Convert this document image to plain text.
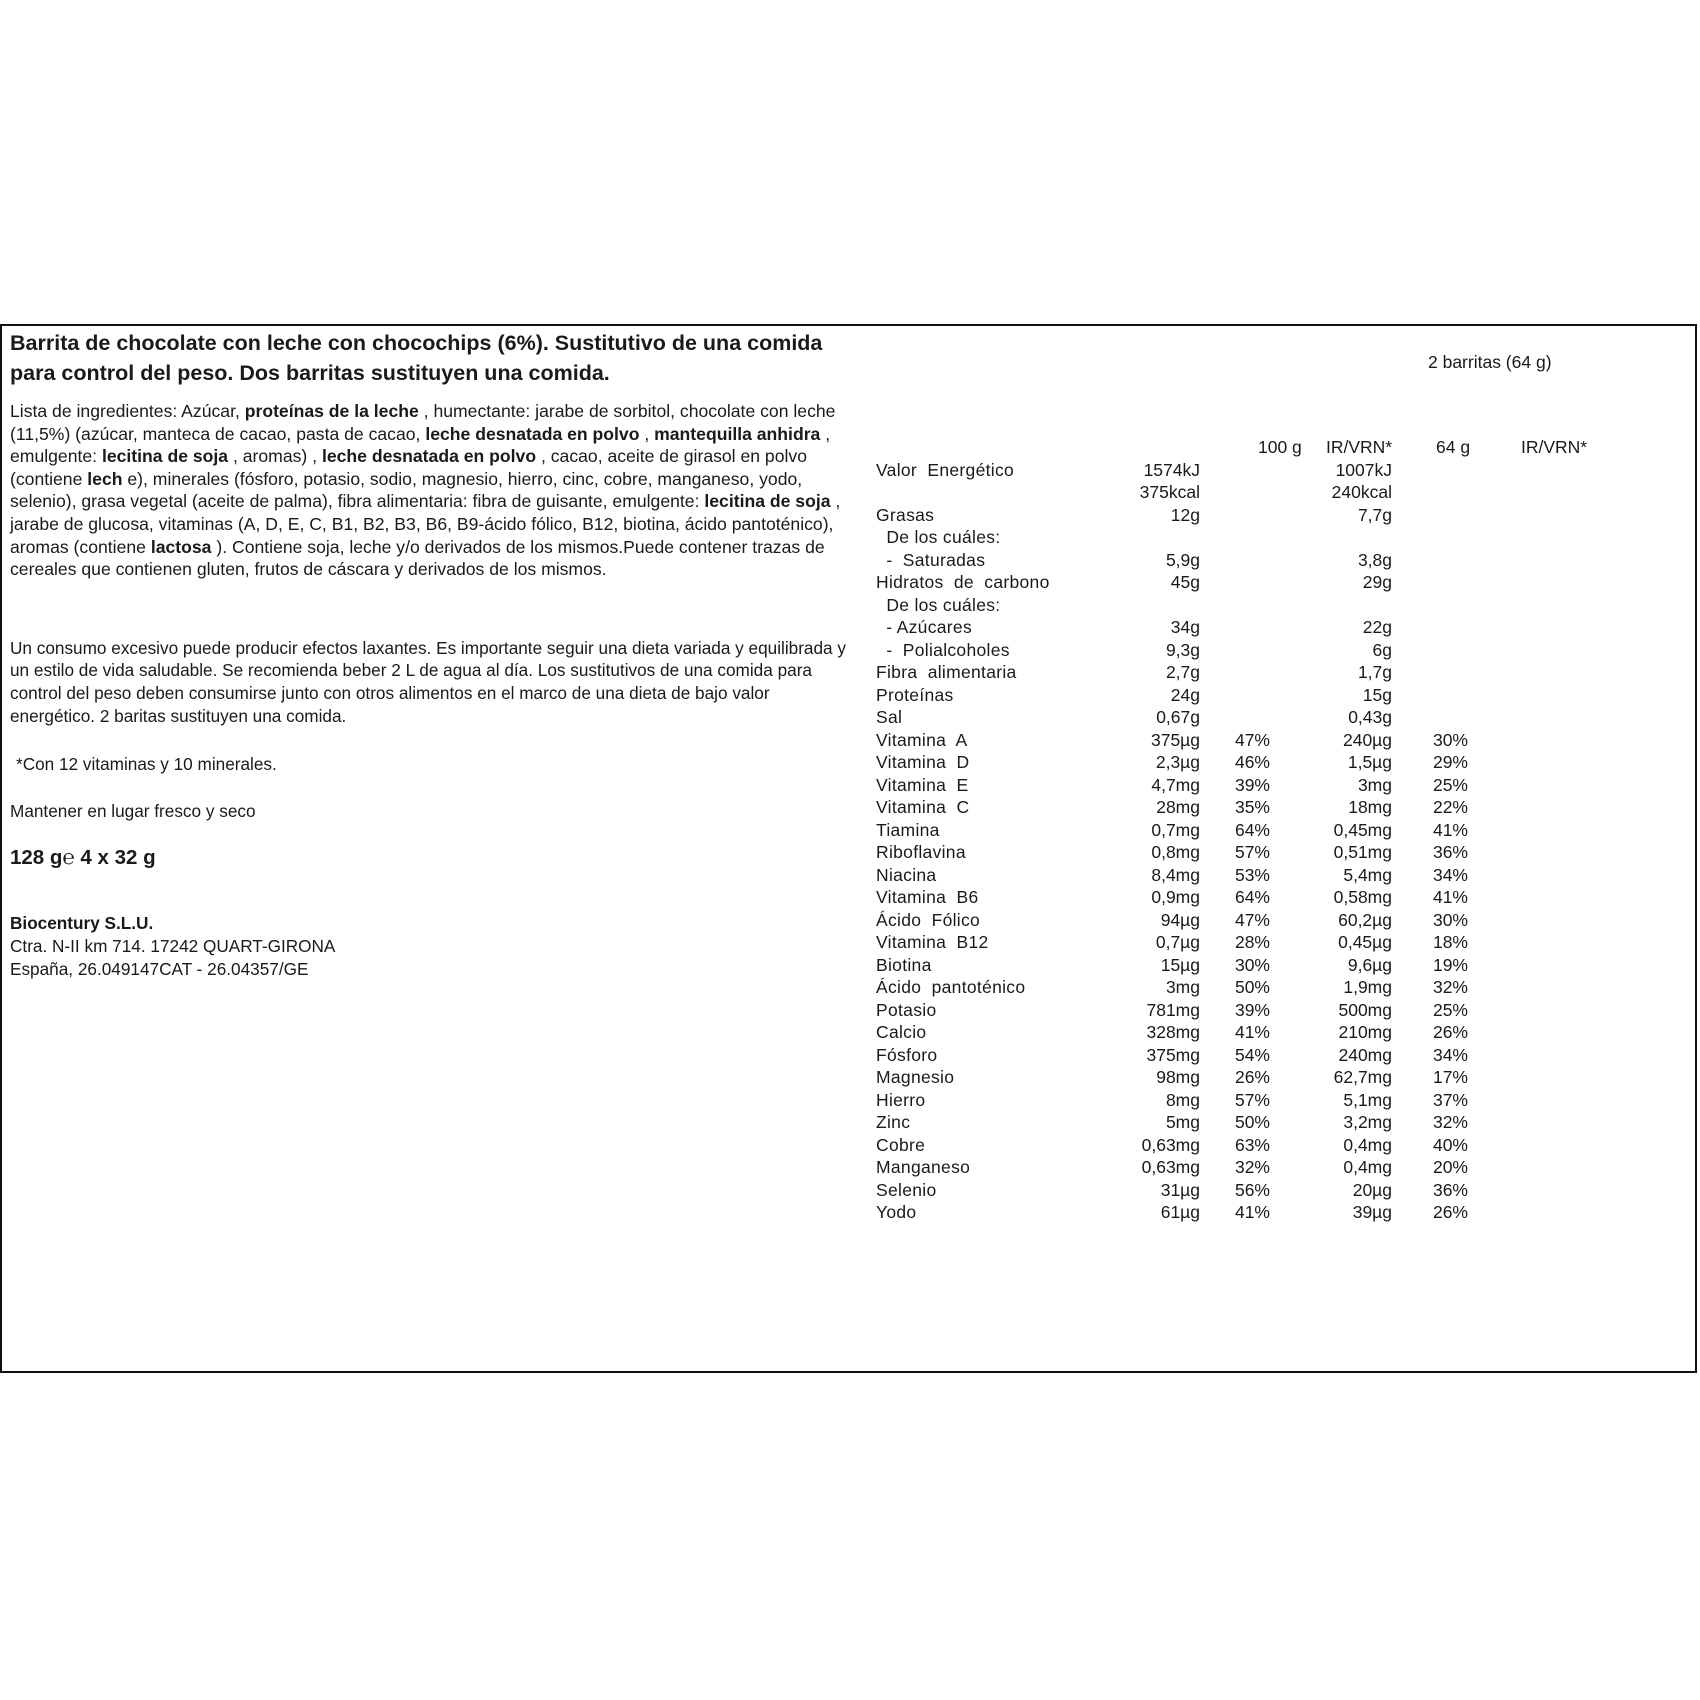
Barrita de chocolate con leche con chocochips (6%). Sustitutivo de una comida para control del peso. Dos barritas sustituyen una comida.
Lista de ingredientes: Azúcar, proteínas de la leche , humectante: jarabe de sorbitol, chocolate con leche (11,5%) (azúcar, manteca de cacao, pasta de cacao, leche desnatada en polvo , mantequilla anhidra , emulgente: lecitina de soja , aromas) , leche desnatada en polvo , cacao, aceite de girasol en polvo (contiene lech e), minerales (fósforo, potasio, sodio, magnesio, hierro, cinc, cobre, manganeso, yodo, selenio), grasa vegetal (aceite de palma), fibra alimentaria: fibra de guisante, emulgente: lecitina de soja , jarabe de glucosa, vitaminas (A, D, E, C, B1, B2, B3, B6, B9-ácido fólico, B12, biotina, ácido pantoténico), aromas (contiene lactosa ). Contiene soja, leche y/o derivados de los mismos.Puede contener trazas de cereales que contienen gluten, frutos de cáscara y derivados de los mismos.
Un consumo excesivo puede producir efectos laxantes. Es importante seguir una dieta variada y equilibrada y un estilo de vida saludable. Se recomienda beber 2 L de agua al día. Los sustitutivos de una comida para control del peso deben consumirse junto con otros alimentos en el marco de una dieta de bajo valor energético. 2 baritas sustituyen una comida.
*Con 12 vitaminas y 10 minerales.
Mantener en lugar fresco y seco
128 g℮ 4 x 32 g
Biocentury S.L.U.
Ctra. N-II km 714. 17242 QUART-GIRONA
España, 26.049147CAT - 26.04357/GE
2 barritas (64 g)
100 g IR/VRN*	64 g	IR/VRN*
Valor  Energético	1574kJ	1007kJ
375kcal	240kcal
Grasas	12g	7,7g
De los cuáles:
-  Saturadas	5,9g	3,8g
Hidratos  de  carbono	45g	29g
De los cuáles:
- Azúcares	34g	22g
-  Polialcoholes	9,3g	6g
Fibra  alimentaria	2,7g	1,7g
Proteínas	24g	15g
Sal	0,67g	0,43g
Vitamina  A	375µg 47%	240µg 30%
Vitamina  D	2,3µg 46%	1,5µg 29%
Vitamina  E	4,7mg 39%	3mg 25%
Vitamina  C	28mg 35%	18mg 22%
Tiamina	0,7mg 64%	0,45mg 41%
Riboflavina	0,8mg 57%	0,51mg 36%
Niacina	8,4mg 53%	5,4mg 34%
Vitamina  B6	0,9mg 64%	0,58mg 41%
Ácido  Fólico	94µg 47%	60,2µg 30%
Vitamina  B12	0,7µg 28%	0,45µg 18%
Biotina	15µg 30%	9,6µg 19%
Ácido  pantoténico	3mg 50%	1,9mg 32%
Potasio	781mg 39%	500mg 25%
Calcio	328mg 41%	210mg 26%
Fósforo	375mg 54%	240mg 34%
Magnesio	98mg 26%	62,7mg 17%
Hierro	8mg 57%	5,1mg 37%
Zinc	5mg 50%	3,2mg 32%
Cobre	0,63mg 63%	0,4mg 40%
Manganeso	0,63mg 32%	0,4mg 20%
Selenio	31µg 56%	20µg 36%
Yodo	61µg 41%	39µg 26%
